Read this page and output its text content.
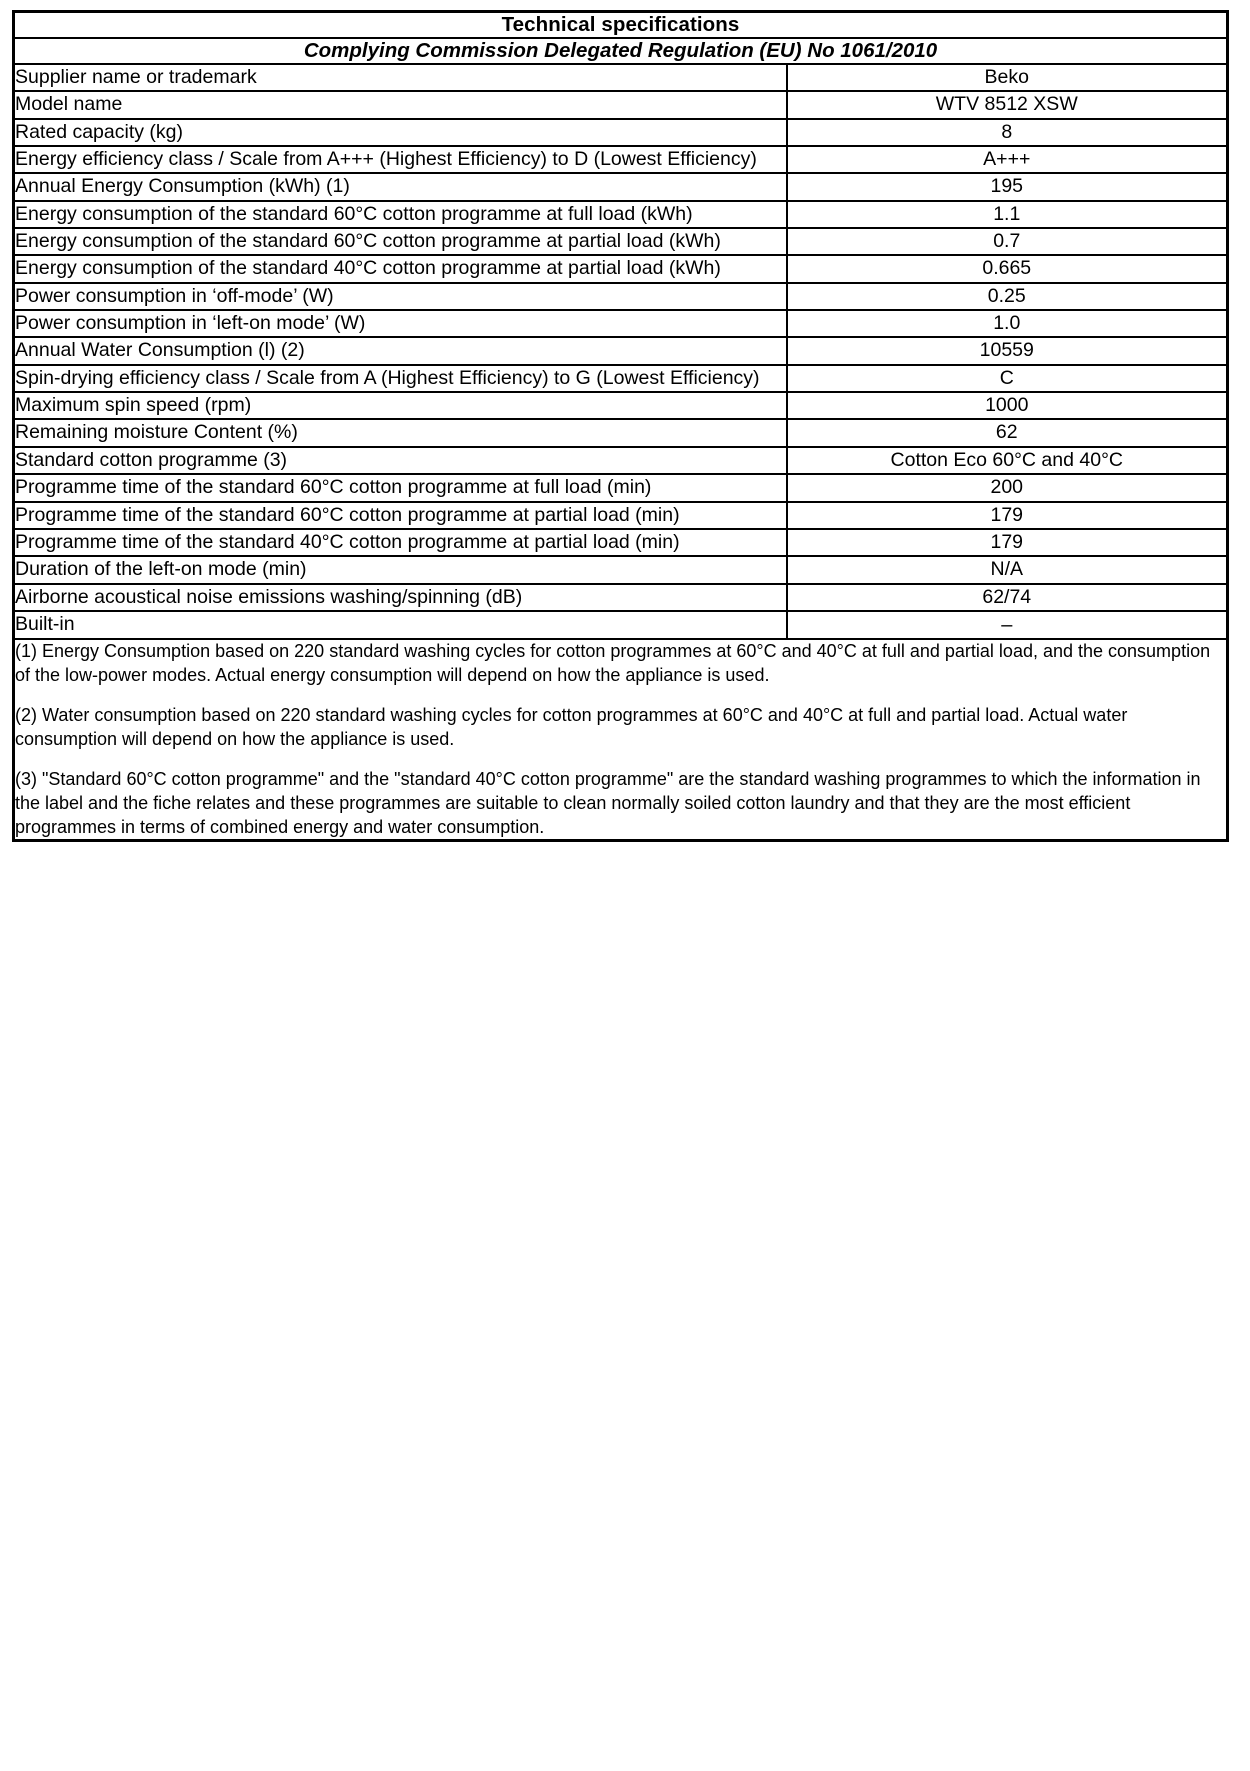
Technical specifications	
Complying Commission Delegated Regulation (EU) No 1061/2010	
Supplier name or trademark	Beko
Model name	WTV 8512 XSW
Rated capacity (kg)	8
Energy efficiency class / Scale from A+++ (Highest Efficiency) to D (Lowest Efficiency)	A+++
Annual Energy Consumption (kWh) (1)	195
Energy consumption of the standard 60°C cotton programme at full load (kWh)	1.1
Energy consumption of the standard 60°C cotton programme at partial load (kWh)	0.7
Energy consumption of the standard 40°C cotton programme at partial load (kWh)	0.665
Power consumption in ‘off-mode’ (W)	0.25
Power consumption in ‘left-on mode’ (W)	1.0
Annual Water Consumption (l) (2)	10559
Spin-drying efficiency class / Scale from A (Highest Efficiency) to G (Lowest Efficiency)	C
Maximum spin speed (rpm)	1000
Remaining moisture Content (%)	62
Standard cotton programme (3)	Cotton Eco 60°C and 40°C
Programme time of the standard 60°C cotton programme at full load (min)	200
Programme time of the standard 60°C cotton programme at partial load (min)	179
Programme time of the standard 40°C cotton programme at partial load (min)	179
Duration of the left-on mode (min)	N/A
Airborne acoustical noise emissions washing/spinning (dB)	62/74
Built-in	–

(1) Energy Consumption based on 220 standard washing cycles for cotton programmes at 60°C and 40°C at full and partial load, and the consumption of the low-power modes. Actual energy consumption will depend on how the appliance is used.

(2) Water consumption based on 220 standard washing cycles for cotton programmes at 60°C and 40°C at full and partial load. Actual water consumption will depend on how the appliance is used.

(3) "Standard 60°C cotton programme" and the "standard 40°C cotton programme" are the standard washing programmes to which the information in the label and the fiche relates and these programmes are suitable to clean normally soiled cotton laundry and that they are the most efficient programmes in terms of combined energy and water consumption.	
